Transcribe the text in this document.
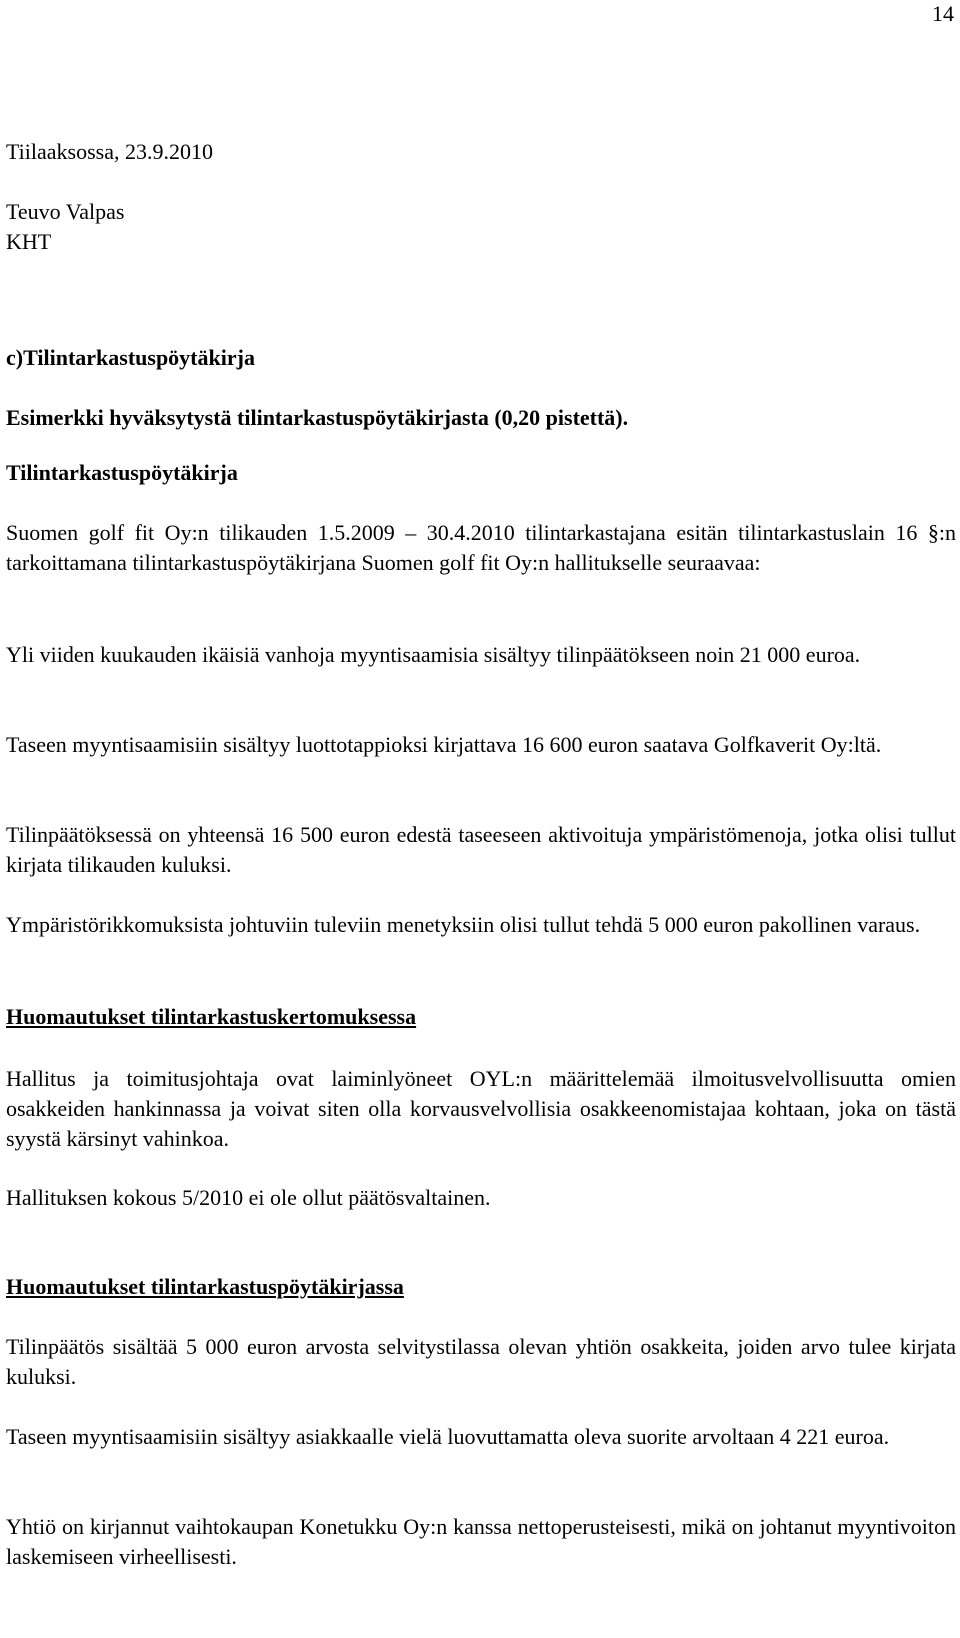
14

Tiilaaksossa, 23.9.2010

Teuvo Valpas

KHT

c)Tilintarkastuspöytäkirja

Esimerkki hyväksytystä tilintarkastuspöytäkirjasta (0,20 pistettä).

Tilintarkastuspöytäkirja

Suomen golf fit Oy:n tilikauden 1.5.2009 – 30.4.2010 tilintarkastajana esitän tilintarkastuslain 16 §:n tarkoittamana tilintarkastuspöytäkirjana Suomen golf fit Oy:n hallitukselle seuraavaa:

Yli viiden kuukauden ikäisiä vanhoja myyntisaamisia sisältyy tilinpäätökseen noin 21 000 euroa.

Taseen myyntisaamisiin sisältyy luottotappioksi kirjattava 16 600 euron saatava Golfkaverit Oy:ltä.

Tilinpäätöksessä on yhteensä 16 500 euron edestä taseeseen aktivoituja ympäristömenoja, jotka olisi tullut kirjata tilikauden kuluksi.

Ympäristörikkomuksista johtuviin tuleviin menetyksiin olisi tullut tehdä 5 000 euron pakollinen varaus.

Huomautukset tilintarkastuskertomuksessa

Hallitus ja toimitusjohtaja ovat laiminlyöneet OYL:n määrittelemää ilmoitusvelvollisuutta omien osakkeiden hankinnassa ja voivat siten olla korvausvelvollisia osakkeenomistajaa kohtaan, joka on tästä syystä kärsinyt vahinkoa.

Hallituksen kokous 5/2010 ei ole ollut päätösvaltainen.

Huomautukset tilintarkastuspöytäkirjassa

Tilinpäätös sisältää 5 000 euron arvosta selvitystilassa olevan yhtiön osakkeita, joiden arvo tulee kirjata kuluksi.

Taseen myyntisaamisiin sisältyy asiakkaalle vielä luovuttamatta oleva suorite arvoltaan 4 221 euroa.

Yhtiö on kirjannut vaihtokaupan Konetukku Oy:n kanssa nettoperusteisesti, mikä on johtanut myyntivoiton laskemiseen virheellisesti.
